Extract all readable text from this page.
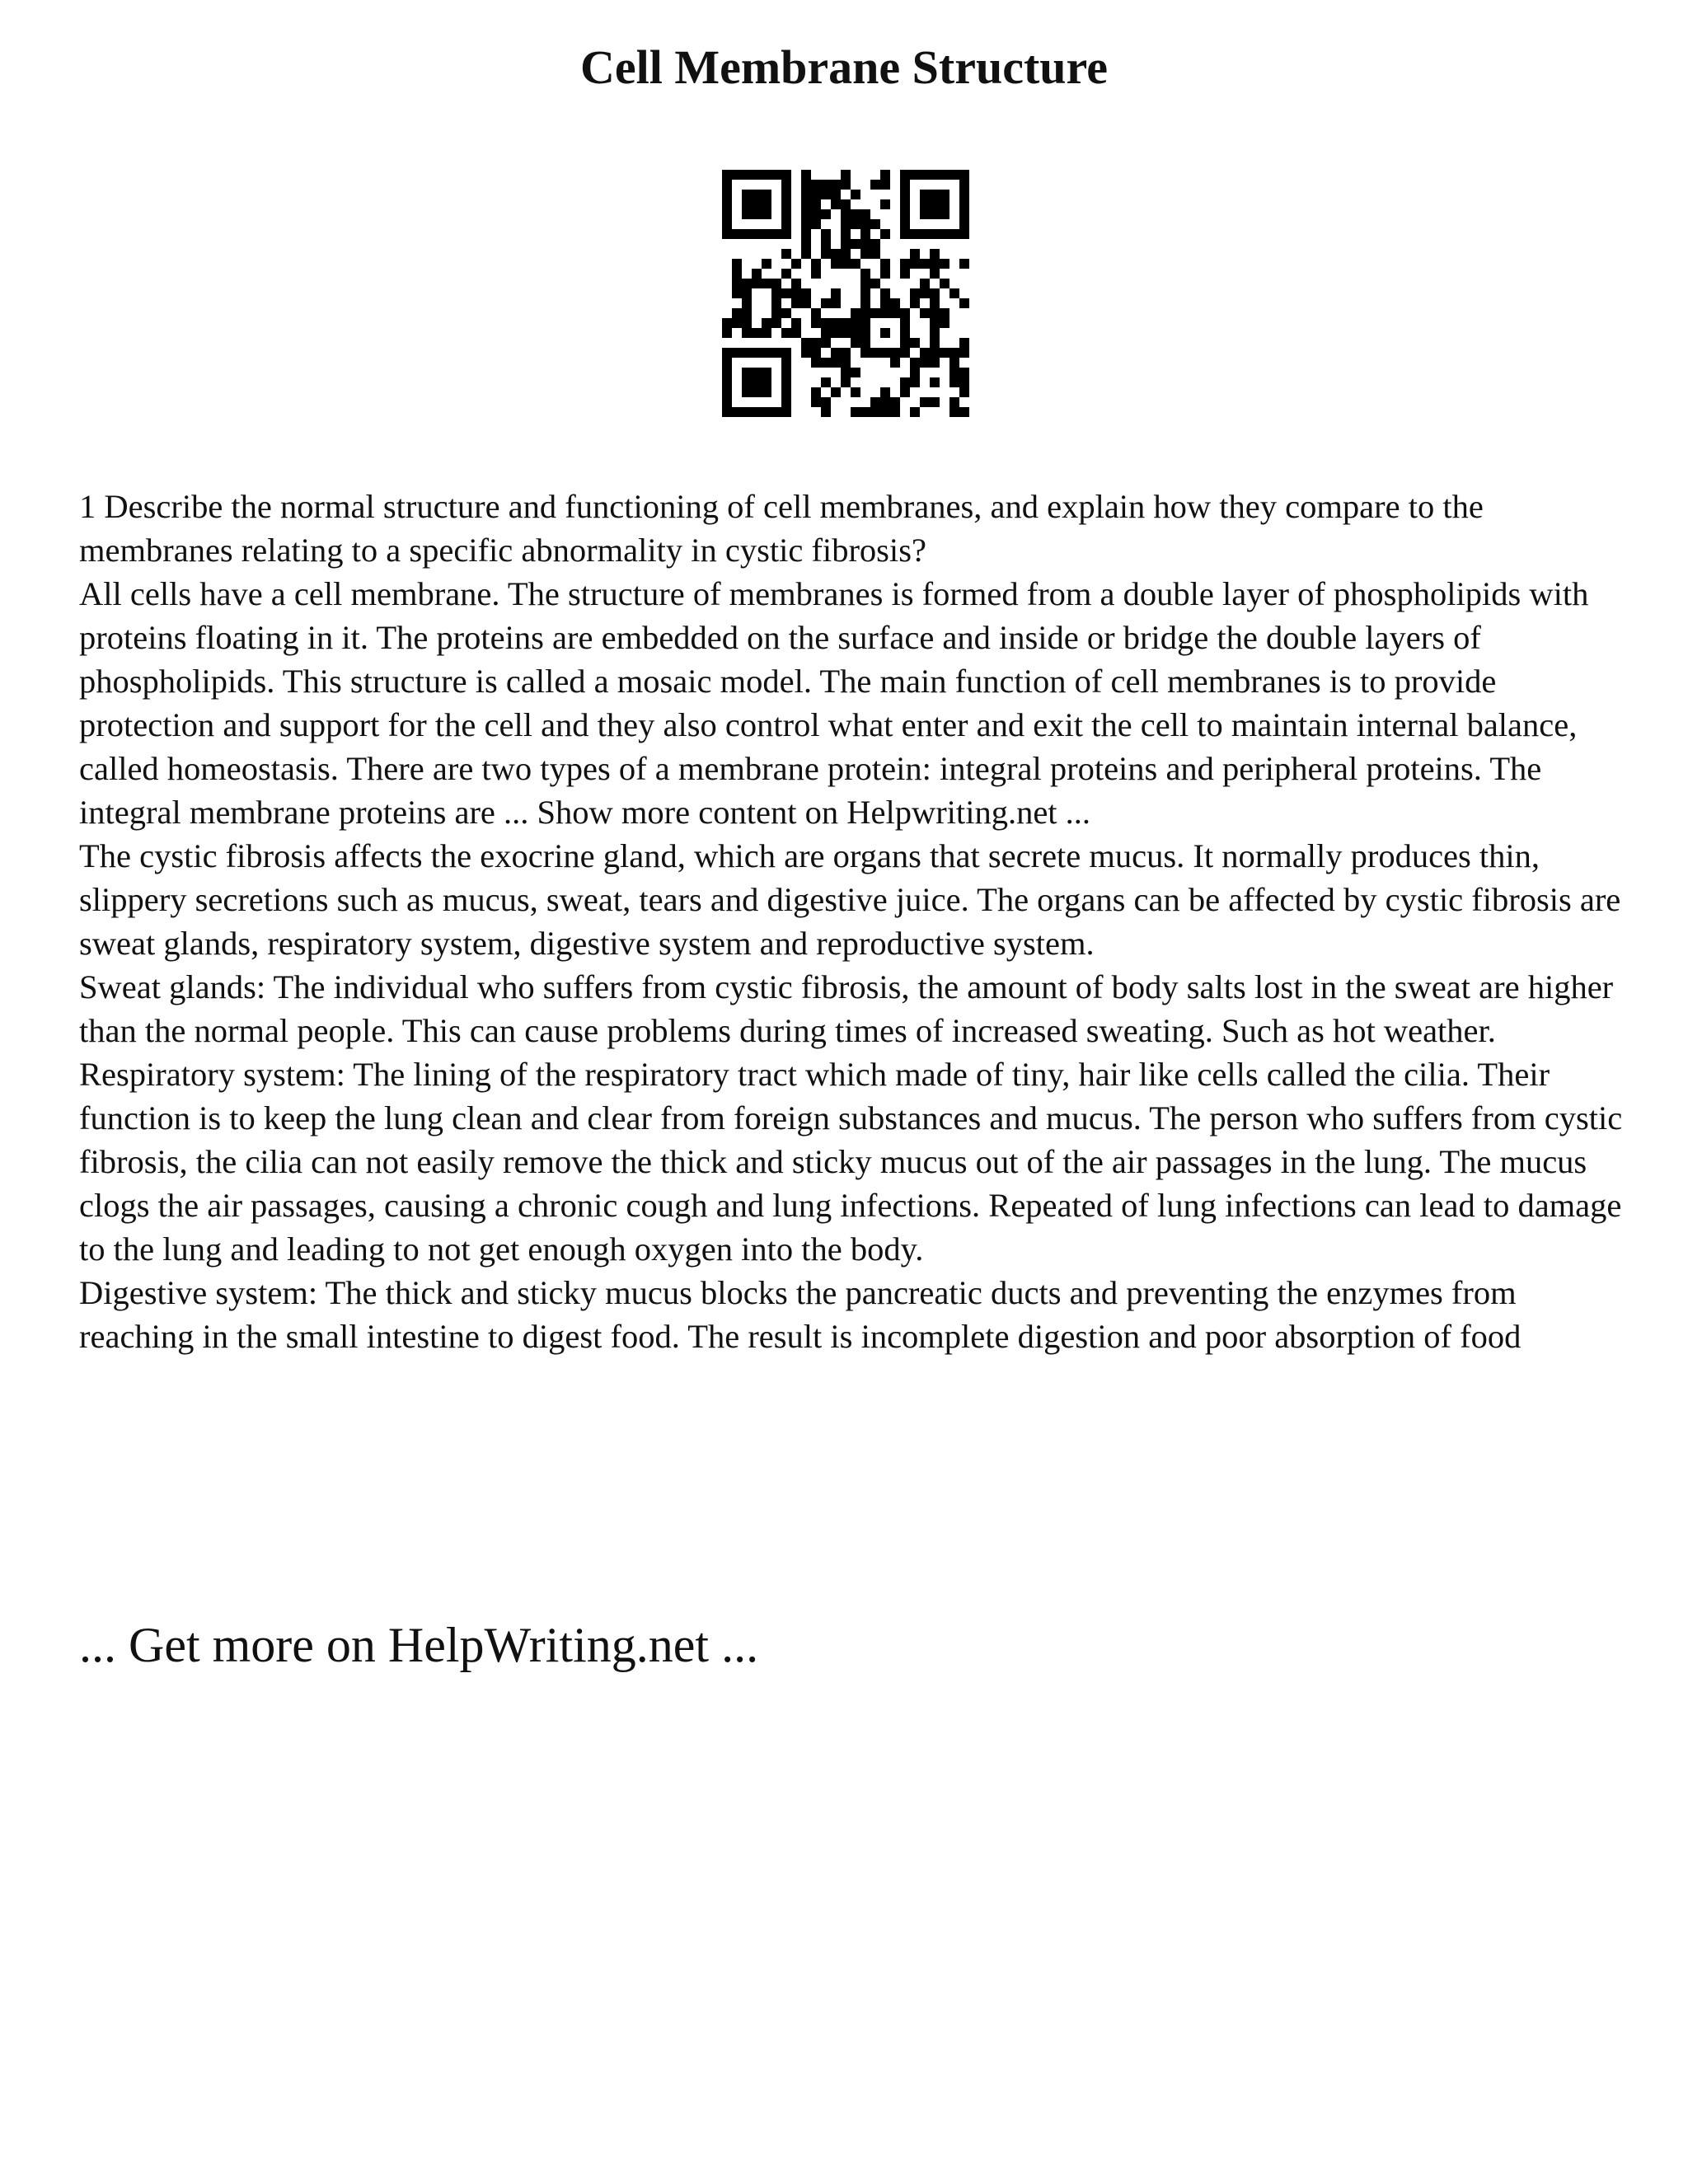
Cell Membrane Structure

1 Describe the normal structure and functioning of cell membranes, and explain how they compare to the membranes relating to a specific abnormality in cystic fibrosis?

All cells have a cell membrane. The structure of membranes is formed from a double layer of phospholipids with proteins floating in it. The proteins are embedded on the surface and inside or bridge the double layers of phospholipids. This structure is called a mosaic model. The main function of cell membranes is to provide protection and support for the cell and they also control what enter and exit the cell to maintain internal balance, called homeostasis. There are two types of a membrane protein: integral proteins and peripheral proteins. The integral membrane proteins are ... Show more content on Helpwriting.net ...

The cystic fibrosis affects the exocrine gland, which are organs that secrete mucus. It normally produces thin, slippery secretions such as mucus, sweat, tears and digestive juice. The organs can be affected by cystic fibrosis are sweat glands, respiratory system, digestive system and reproductive system.

Sweat glands: The individual who suffers from cystic fibrosis, the amount of body salts lost in the sweat are higher than the normal people. This can cause problems during times of increased sweating. Such as hot weather.

Respiratory system: The lining of the respiratory tract which made of tiny, hair like cells called the cilia. Their function is to keep the lung clean and clear from foreign substances and mucus. The person who suffers from cystic fibrosis, the cilia can not easily remove the thick and sticky mucus out of the air passages in the lung. The mucus clogs the air passages, causing a chronic cough and lung infections. Repeated of lung infections can lead to damage to the lung and leading to not get enough oxygen into the body.

Digestive system: The thick and sticky mucus blocks the pancreatic ducts and preventing the enzymes from reaching in the small intestine to digest food. The result is incomplete digestion and poor absorption of food

... Get more on HelpWriting.net ...
